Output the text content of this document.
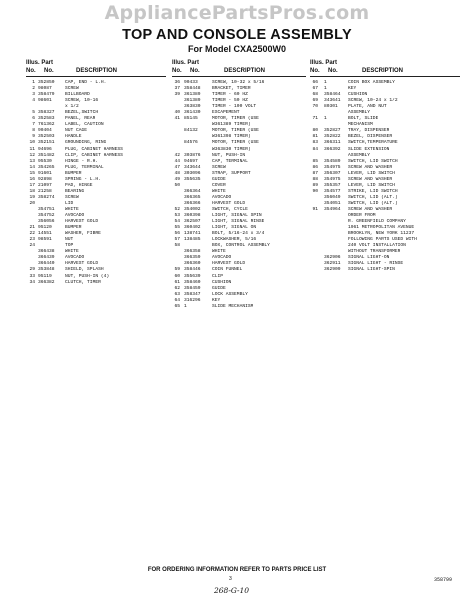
AppliancePartsPros.com
TOP AND CONSOLE ASSEMBLY
For Model CXA2500W0
Illus. Part
No. No.	DESCRIPTION
1 352850	CAP, END - L.H.
2 98087	SCREW
3 358479	BILLBOARD
4 98601	SCREW, 10-16
x 1/2
5 358327	BEZEL,SWITCH
6 352583	PANEL, REAR
7 761362	LABEL, CAUTION
8 90404	NUT CAGE
9 352503	HANDLE
10 352151	GROUNDING, RING
11 94696	PLUG, CABINET HARNESS
12 351482	CLIP, CABINET HARNESS
13 95530	HINGE - R.H.
14 354265	PLUG, TERMINAL
15 91601	BUMPER
16 92898	SPRING - L.H.
17 21097	PAD, HINGE
18 21258	BEARING
19 358274	SCREW
20	LID
354751	WHITE
354752	AVOCADO
356056	HARVEST GOLD
21 95120	BUMPER
22 14551	WASHER, FIBRE
23 98591	NUT
24	TOP
366438	WHITE
366439	AVOCADO
366440	HARVEST GOLD
29 353848	SHIELD, SPLASH
33 95119	NUT, PUSH-IN (4)
34 366382	CLUTCH, TIMER
Illus. Part
No. No.	DESCRIPTION
36 90433	SCREW, 10-32 x 5/16
37 358448	BRACKET, TIMER
39 361389	TIMER - 60 HZ
361389	TIMER - 50 HZ
363830	TIMER - 100 VOLT
40 361430	ESCAPEMENT
41 85145	MOTOR, TIMER (USE
W361389 TIMER)
84132	MOTOR, TIMER (USE
W361398 TIMER)
84576	MOTOR, TIMER (USE
W363830 TIMER)
42 303876	NUT, PUSH-IN
44 94697	CAP, TERMINAL
47 343644	SCREW
48 303096	STRAP, SUPPORT
49 355635	GUIDE
50	COVER
366364	WHITE
366365	AVOCADO
366366	HARVEST GOLD
52 354002	SWITCH, CYCLE
53 360398	LIGHT, SIGNAL SPIN
54 362507	LIGHT, SIGNAL RINSE
55 360402	LIGHT, SIGNAL ON
56 138741	BOLT, 5/16-24 x 3/4
57 138485	LOCKWASHER, 5/16
58	BOX, CONTROL ASSEMBLY
366358	WHITE
366359	AVOCADO
366360	HARVEST GOLD
59 358446	COIN FUNNEL
60 355639	CLIP
61 358460	CUSHION
62 358459	GUIDE
63 358347	LOCK ASSEMBLY
64 316296	KEY
65 1	SLIDE MECHANISM
Illus. Part
No. No.	DESCRIPTION
66	1	COIN BOX ASSEMBLY
67	1	KEY
68	358464	CUSHION
69	343641	SCREW, 10-24 x 1/2
70	80301	PLATE, AND NUT
ASSEMBLY
71	1	BOLT, SLIDE
MECHANISM
80	352827	TRAY, DISPENSER
81	352822	BEZEL, DISPENSER
83	366311	SWITCH,TEMPERATURE
84	366392	SLIDE EXTENSION
ASSEMBLY
85	354589	SWITCH, LID SWITCH
86	354975	SCREW AND WASHER
87	356307	LEVER, LID SWITCH
88	354975	SCREW AND WASHER
89	355357	LEVER, LID SWITCH
90	354577	STRIKE, LID SWITCH
356049	SWITCH, LID (ALT.)
354051	SWITCH, LID (ALT.)
91	354964	SCREW AND WASHER
ORDER FROM
R. GREENFIELD COMPANY
1961 METROPOLITAN AVENUE
BROOKLYN, NEW YORK 11237
FOLLOWING PARTS USED WITH
240 VOLT INSTALLATION
WITHOUT TRANSFORMER
362906	SIGNAL LIGHT-ON
362911	SIGNAL LIGHT - RINSE
362909	SIGNAL LIGHT-SPIN
FOR ORDERING INFORMATION REFER TO PARTS PRICE LIST
3	358799
268-G-10
